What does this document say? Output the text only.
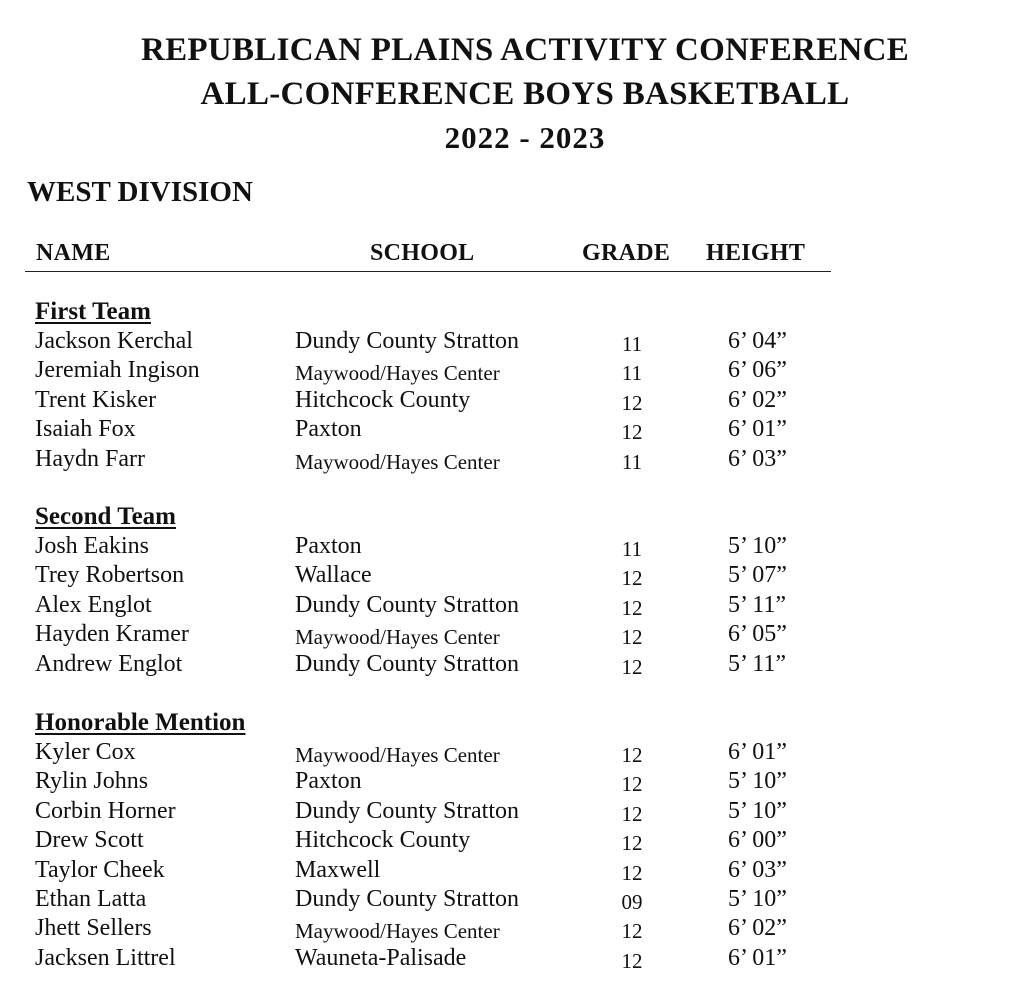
REPUBLICAN PLAINS ACTIVITY CONFERENCE

ALL-CONFERENCE BOYS BASKETBALL

2022 - 2023

WEST DIVISION

NAME	SCHOOL	GRADE HEIGHT

First Team

Jackson Kerchal	Dundy County Stratton	11	6’ 04”
Jeremiah Ingison	Maywood/Hayes Center	11	6’ 06”
Trent Kisker	Hitchcock County	12	6’ 02”
Isaiah Fox	Paxton	12	6’ 01”
Haydn Farr	Maywood/Hayes Center	11	6’ 03”

Second Team

Josh Eakins	Paxton	11	5’ 10”
Trey Robertson	Wallace	12	5’ 07”
Alex Englot	Dundy County Stratton	12	5’ 11”
Hayden Kramer	Maywood/Hayes Center	12	6’ 05”
Andrew Englot	Dundy County Stratton	12	5’ 11”

Honorable Mention

Kyler Cox	Maywood/Hayes Center	12	6’ 01”
Rylin Johns	Paxton	12	5’ 10”
Corbin Horner	Dundy County Stratton	12	5’ 10”
Drew Scott	Hitchcock County	12	6’ 00”
Taylor Cheek	Maxwell	12	6’ 03”
Ethan Latta	Dundy County Stratton	09	5’ 10”
Jhett Sellers	Maywood/Hayes Center	12	6’ 02”
Jacksen Littrel	Wauneta-Palisade	12	6’ 01”
